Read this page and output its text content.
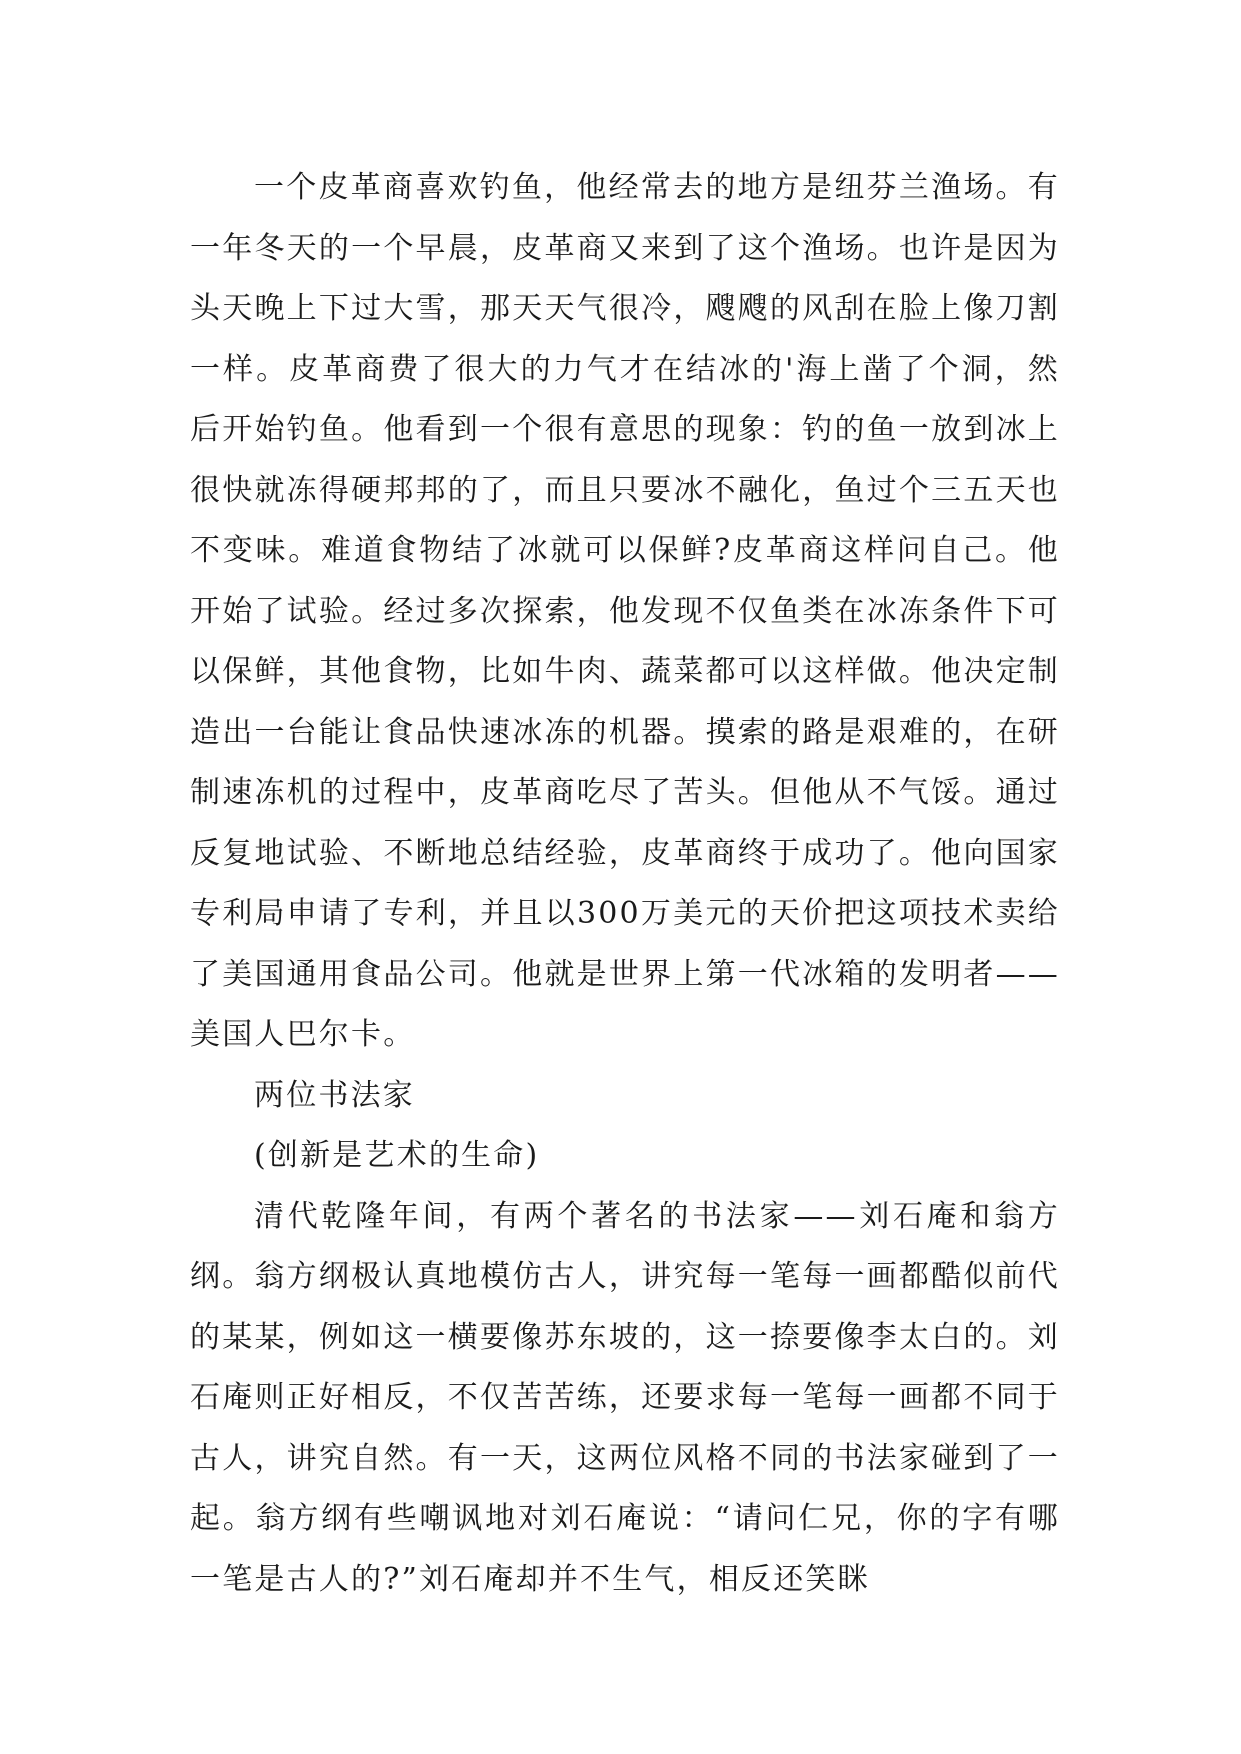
一个皮革商喜欢钓鱼，他经常去的地方是纽芬兰渔场。有一年冬天的一个早晨，皮革商又来到了这个渔场。也许是因为头天晚上下过大雪，那天天气很冷，飕飕的风刮在脸上像刀割一样。皮革商费了很大的力气才在结冰的'海上凿了个洞，然后开始钓鱼。他看到一个很有意思的现象：钓的鱼一放到冰上很快就冻得硬邦邦的了，而且只要冰不融化，鱼过个三五天也不变味。难道食物结了冰就可以保鲜?皮革商这样问自己。他开始了试验。经过多次探索，他发现不仅鱼类在冰冻条件下可以保鲜，其他食物，比如牛肉、蔬菜都可以这样做。他决定制造出一台能让食品快速冰冻的机器。摸索的路是艰难的，在研制速冻机的过程中，皮革商吃尽了苦头。但他从不气馁。通过反复地试验、不断地总结经验，皮革商终于成功了。他向国家专利局申请了专利，并且以300万美元的天价把这项技术卖给了美国通用食品公司。他就是世界上第一代冰箱的发明者——美国人巴尔卡。

两位书法家

(创新是艺术的生命)

清代乾隆年间，有两个著名的书法家——刘石庵和翁方纲。翁方纲极认真地模仿古人，讲究每一笔每一画都酷似前代的某某，例如这一横要像苏东坡的，这一捺要像李太白的。刘石庵则正好相反，不仅苦苦练，还要求每一笔每一画都不同于古人，讲究自然。有一天，这两位风格不同的书法家碰到了一起。翁方纲有些嘲讽地对刘石庵说：“请问仁兄，你的字有哪一笔是古人的?”刘石庵却并不生气，相反还笑眯
